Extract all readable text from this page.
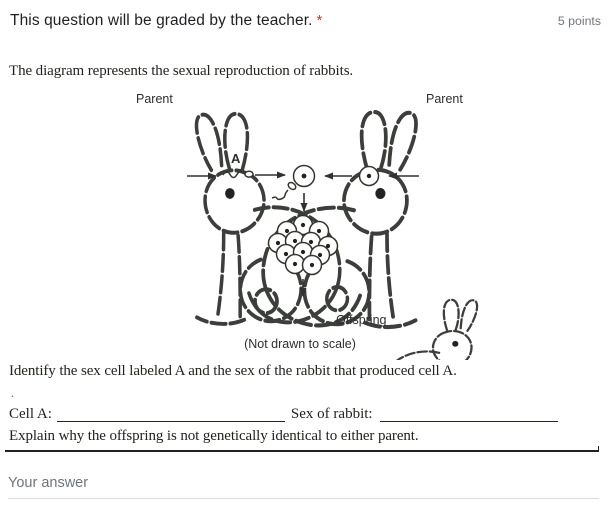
This question will be graded by the teacher. *	5 points

The diagram represents the sexual reproduction of rabbits.

Parent	Parent
A
Offspring
(Not drawn to scale)

Identify the sex cell labeled A and the sex of the rabbit that produced cell A.

.

Cell A:	Sex of rabbit:

Explain why the offspring is not genetically identical to either parent.

Your answer
